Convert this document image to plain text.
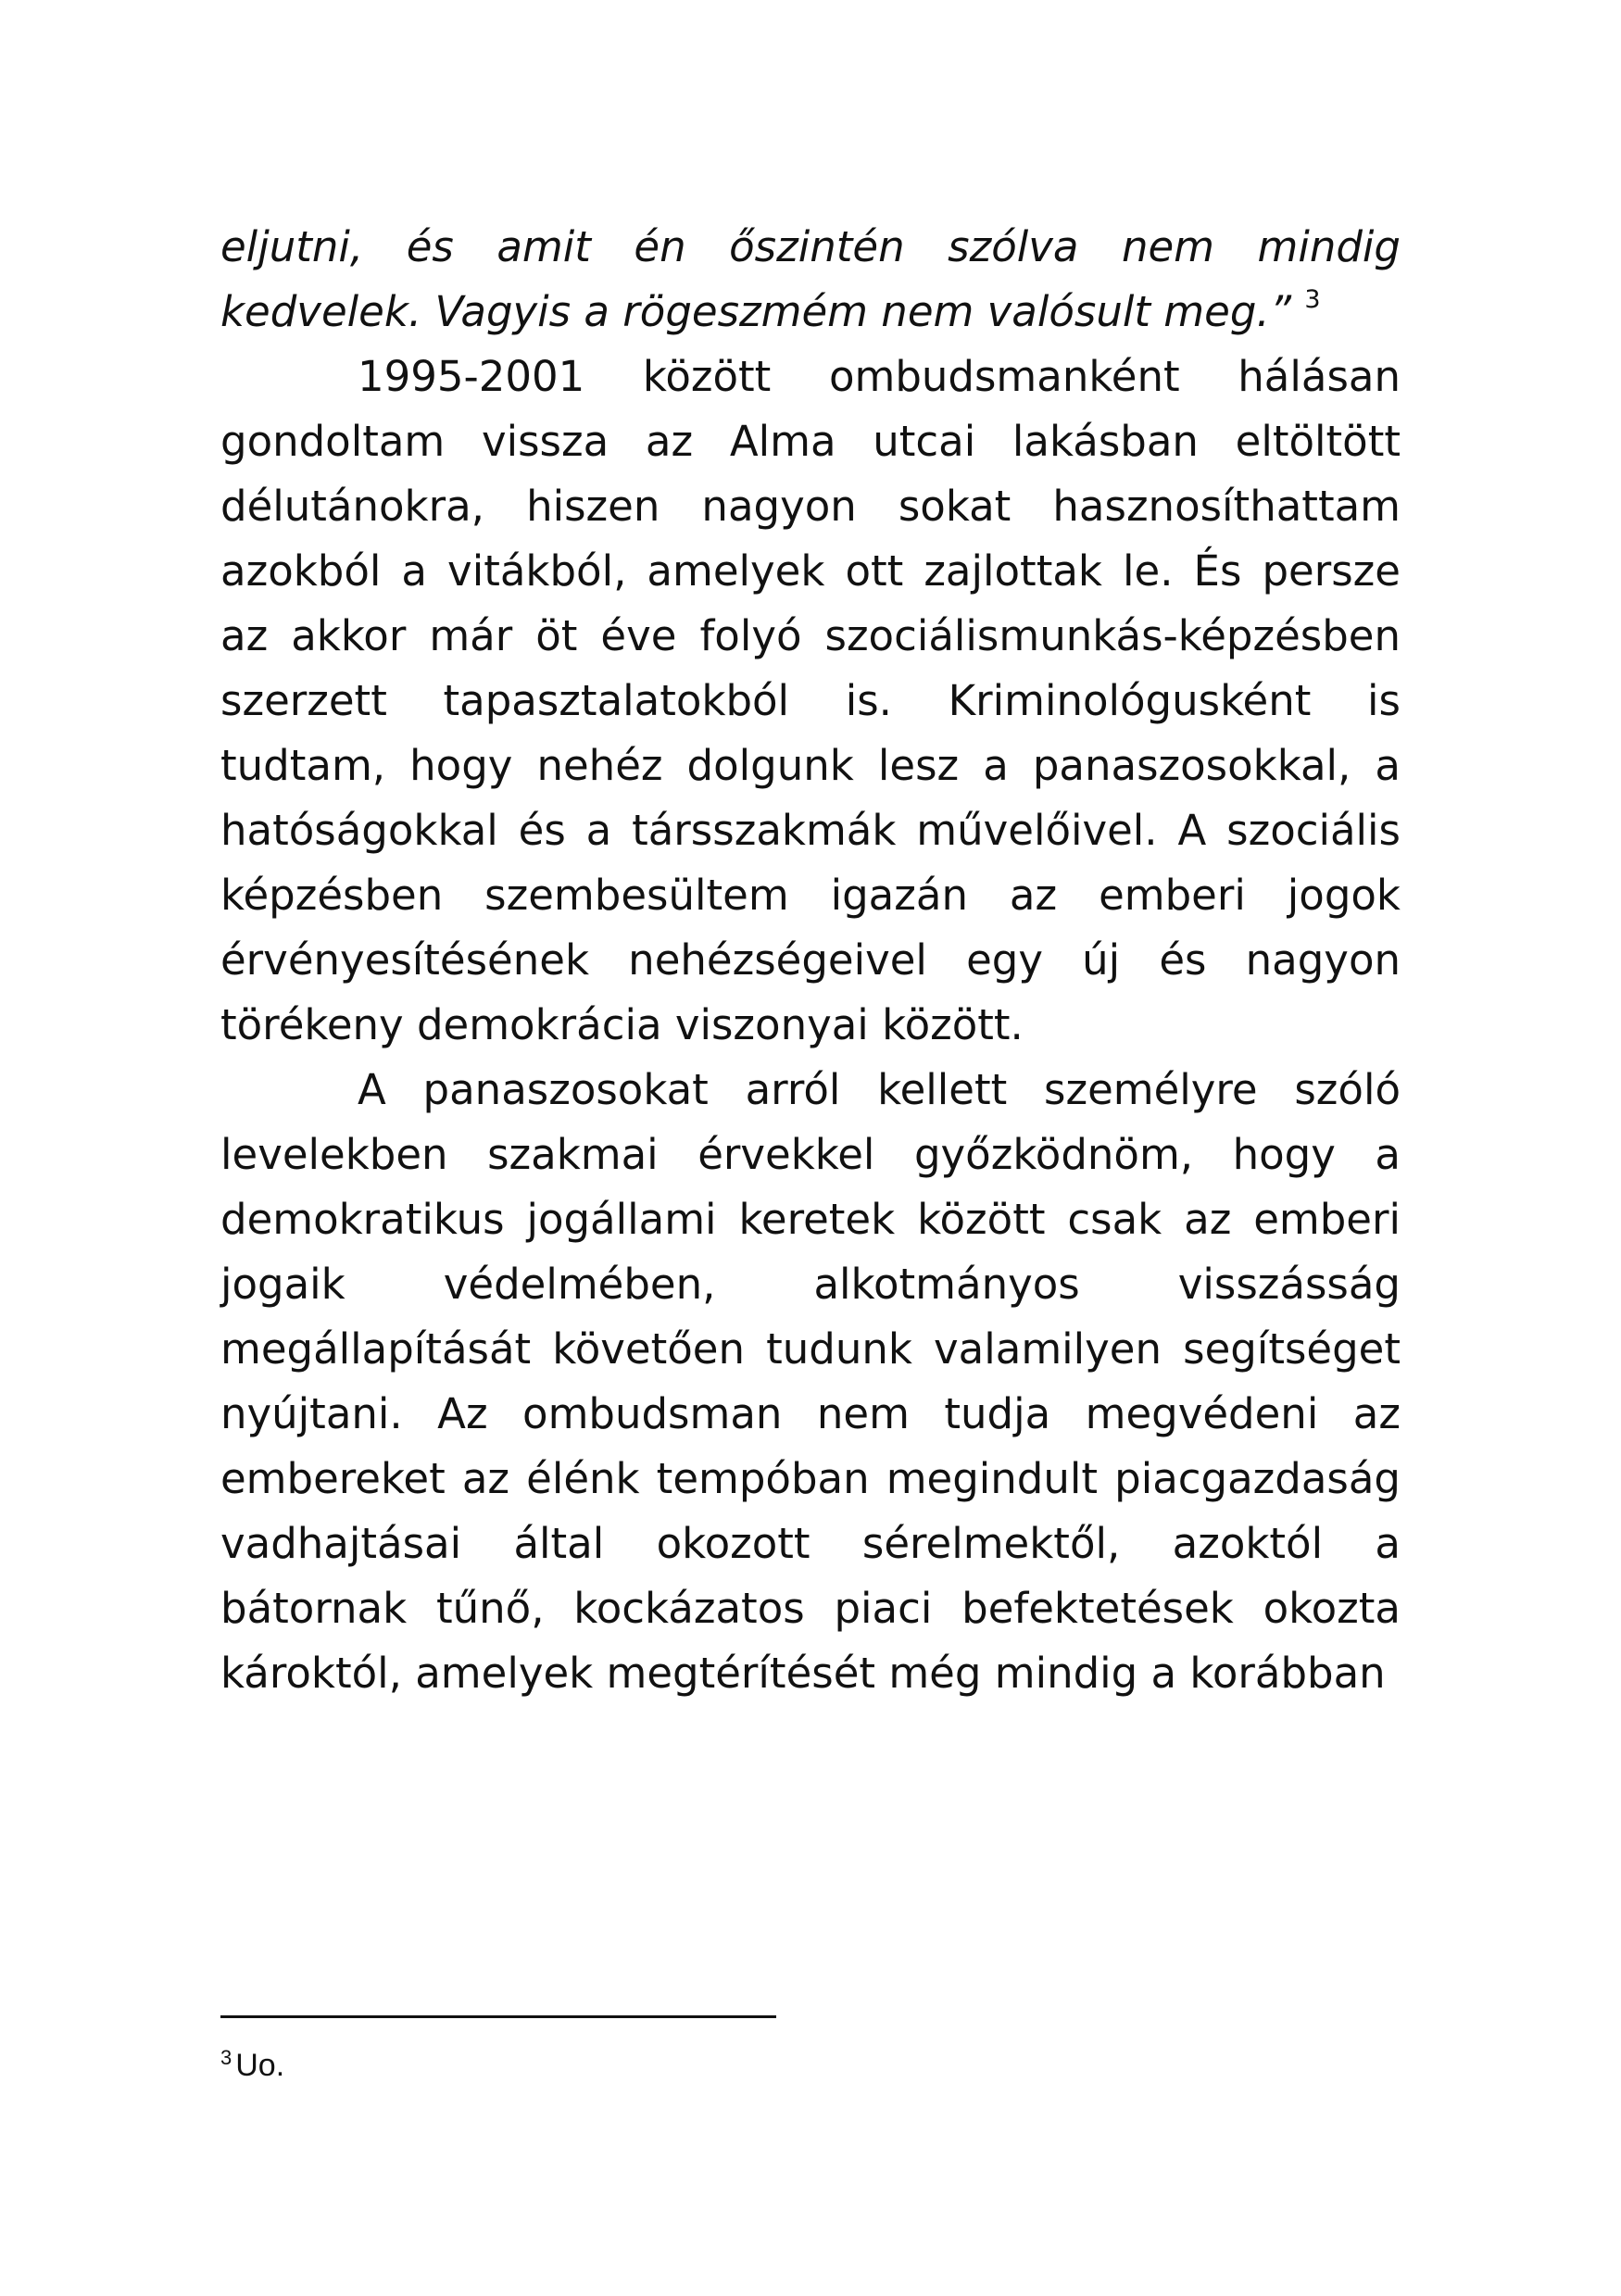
eljutni, és amit én őszintén szólva nem mindig kedvelek. Vagyis a rögeszmém nem valósult meg.” $^3$

1995-2001 között ombudsmanként hálásan gondoltam vissza az Alma utcai lakásban eltöltött délutánokra, hiszen nagyon sokat hasznosíthattam azokból a vitákból, amelyek ott zajlottak le. És persze az akkor már öt éve folyó szociálismunkás-képzésben szerzett tapasztalatokból is. Kriminológusként is tudtam, hogy nehéz dolgunk lesz a panaszosokkal, a hatóságokkal és a társszakmák művelőivel. A szociális képzésben szembesültem igazán az emberi jogok érvényesítésének nehézségeivel egy új és nagyon törékeny demokrácia viszonyai között.

A panaszosokat arról kellett személyre szóló levelekben szakmai érvekkel győzködnöm, hogy a demokratikus jogállami keretek között csak az emberi jogaik védelmében, alkotmányos visszásság megállapítását követően tudunk valamilyen segítséget nyújtani. Az ombudsman nem tudja megvédeni az embereket az élénk tempóban megindult piacgazdaság vadhajtásai által okozott sérelmektől, azoktól a bátornak tűnő, kockázatos piaci befektetések okozta károktól, amelyek megtérítését még mindig a korábban

$^3$ Uo.
